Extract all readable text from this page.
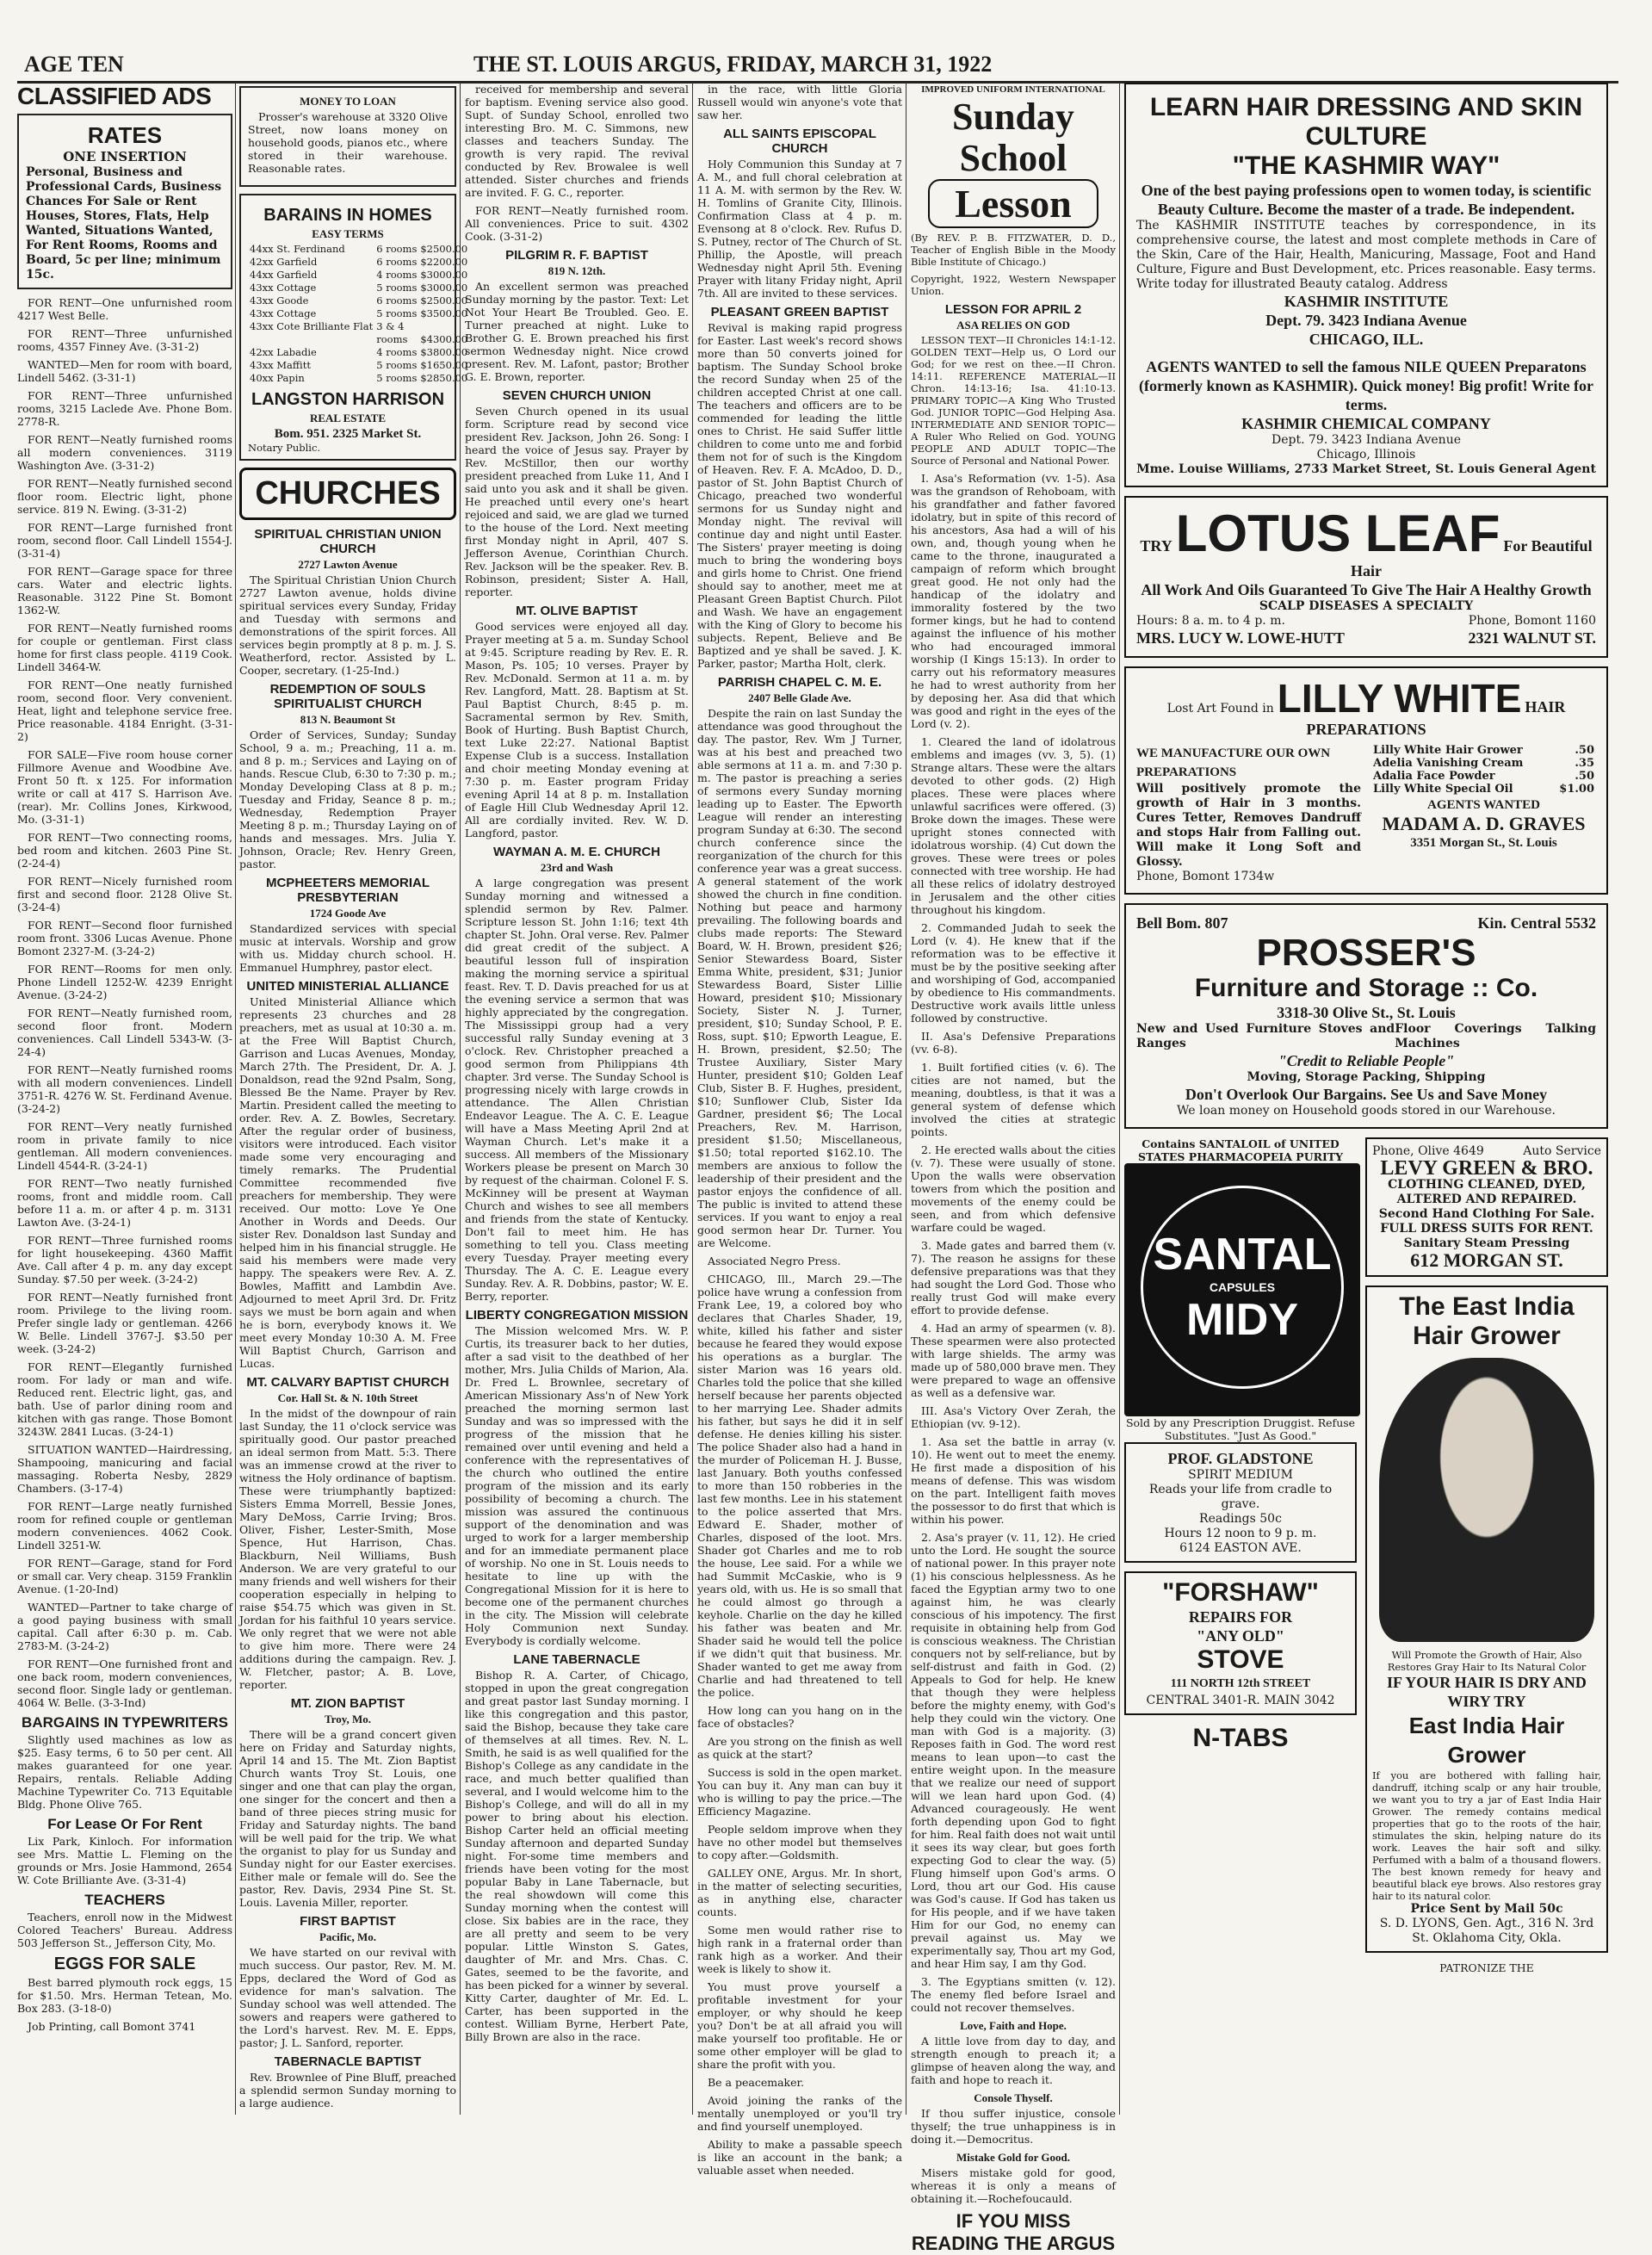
AGE TEN	THE ST. LOUIS ARGUS, FRIDAY, MARCH 31, 1922
CLASSIFIED ADS
RATES
ONE INSERTION
Personal, Business and Professional Cards, Business Chances For Sale or Rent Houses, Stores, Flats, Help Wanted, Situations Wanted, For Rent Rooms, Rooms and Board, 5c per line; minimum 15c.

FOR RENT—One unfurnished room 4217 West Belle.

FOR RENT—Three unfurnished rooms, 4357 Finney Ave. (3-31-2)

WANTED—Men for room with board, Lindell 5462. (3-31-1)

FOR RENT—Three unfurnished rooms, 3215 Laclede Ave. Phone Bom. 2778-R.

FOR RENT—Neatly furnished rooms all modern conveniences. 3119 Washington Ave. (3-31-2)

FOR RENT—Neatly furnished second floor room. Electric light, phone service. 819 N. Ewing. (3-31-2)

FOR RENT—Large furnished front room, second floor. Call Lindell 1554-J. (3-31-4)

FOR RENT—Garage space for three cars. Water and electric lights. Reasonable. 3122 Pine St. Bomont 1362-W.

FOR RENT—Neatly furnished rooms for couple or gentleman. First class home for first class people. 4119 Cook. Lindell 3464-W.

FOR RENT—One neatly furnished room, second floor. Very convenient. Heat, light and telephone service free. Price reasonable. 4184 Enright. (3-31-2)

FOR SALE—Five room house corner Fillmore Avenue and Woodbine Ave. Front 50 ft. x 125. For information write or call at 417 S. Harrison Ave. (rear). Mr. Collins Jones, Kirkwood, Mo. (3-31-1)

FOR RENT—Two connecting rooms, bed room and kitchen. 2603 Pine St. (2-24-4)

FOR RENT—Nicely furnished room first and second floor. 2128 Olive St. (3-24-4)

FOR RENT—Second floor furnished room front. 3306 Lucas Avenue. Phone Bomont 2327-M. (3-24-2)

FOR RENT—Rooms for men only. Phone Lindell 1252-W. 4239 Enright Avenue. (3-24-2)

FOR RENT—Neatly furnished room, second floor front. Modern conveniences. Call Lindell 5343-W. (3-24-4)

FOR RENT—Neatly furnished rooms with all modern conveniences. Lindell 3751-R. 4276 W. St. Ferdinand Avenue. (3-24-2)

FOR RENT—Very neatly furnished room in private family to nice gentleman. All modern conveniences. Lindell 4544-R. (3-24-1)

FOR RENT—Two neatly furnished rooms, front and middle room. Call before 11 a. m. or after 4 p. m. 3131 Lawton Ave. (3-24-1)

FOR RENT—Three furnished rooms for light housekeeping. 4360 Maffit Ave. Call after 4 p. m. any day except Sunday. $7.50 per week. (3-24-2)

FOR RENT—Neatly furnished front room. Privilege to the living room. Prefer single lady or gentleman. 4266 W. Belle. Lindell 3767-J. $3.50 per week. (3-24-2)

FOR RENT—Elegantly furnished room. For lady or man and wife. Reduced rent. Electric light, gas, and bath. Use of parlor dining room and kitchen with gas range. Those Bomont 3243W. 2841 Lucas. (3-24-1)

SITUATION WANTED—Hairdressing, Shampooing, manicuring and facial massaging. Roberta Nesby, 2829 Chambers. (3-17-4)

FOR RENT—Large neatly furnished room for refined couple or gentleman modern conveniences. 4062 Cook. Lindell 3251-W.

FOR RENT—Garage, stand for Ford or small car. Very cheap. 3159 Franklin Avenue. (1-20-Ind)

WANTED—Partner to take charge of a good paying business with small capital. Call after 6:30 p. m. Cab. 2783-M. (3-24-2)

FOR RENT—One furnished front and one back room, modern conveniences, second floor. Single lady or gentleman. 4064 W. Belle. (3-3-Ind)

BARGAINS IN TYPEWRITERS

Slightly used machines as low as $25. Easy terms, 6 to 50 per cent. All makes guaranteed for one year. Repairs, rentals. Reliable Adding Machine Typewriter Co. 713 Equitable Bldg. Phone Olive 765.

For Lease Or For Rent

Lix Park, Kinloch. For information see Mrs. Mattie L. Fleming on the grounds or Mrs. Josie Hammond, 2654 W. Cote Brilliante Ave. (3-31-4)

TEACHERS

Teachers, enroll now in the Midwest Colored Teachers' Bureau. Address 503 Jefferson St., Jefferson City, Mo.

EGGS FOR SALE

Best barred plymouth rock eggs, 15 for $1.50. Mrs. Herman Tetean, Mo. Box 283. (3-18-0)

Job Printing, call Bomont 3741

MONEY TO LOAN

Prosser's warehouse at 3320 Olive Street, now loans money on household goods, pianos etc., where stored in their warehouse. Reasonable rates.

BARAINS IN HOMES
EASY TERMS
44xx St. Ferdinand	6 rooms	$2500.00
42xx Garfield	6 rooms	$2200.00
44xx Garfield	4 rooms	$3000.00
43xx Cottage	5 rooms	$3000.00
43xx Goode	6 rooms	$2500.00
43xx Cottage	5 rooms	$3500.00
43xx Cote Brilliante Flat	3 & 4	
	rooms	$4300.00
42xx Labadie	4 rooms	$3800.00
43xx Maffitt	5 rooms	$1650.00
40xx Papin	5 rooms	$2850.00
LANGSTON HARRISON
REAL ESTATE
Bom. 951. 2325 Market St.
Notary Public.
CHURCHES
SPIRITUAL CHRISTIAN UNION CHURCH
2727 Lawton Avenue

The Spiritual Christian Union Church 2727 Lawton avenue, holds divine spiritual services every Sunday, Friday and Tuesday with sermons and demonstrations of the spirit forces. All services begin promptly at 8 p. m. J. S. Weatherford, rector. Assisted by L. Cooper, secretary. (1-25-Ind.)

REDEMPTION OF SOULS SPIRITUALIST CHURCH
813 N. Beaumont St

Order of Services, Sunday; Sunday School, 9 a. m.; Preaching, 11 a. m. and 8 p. m.; Services and Laying on of hands. Rescue Club, 6:30 to 7:30 p. m.; Monday Developing Class at 8 p. m.; Tuesday and Friday, Seance 8 p. m.; Wednesday, Redemption Prayer Meeting 8 p. m.; Thursday Laying on of hands and messages. Mrs. Julia Y. Johnson, Oracle; Rev. Henry Green, pastor.

MCPHEETERS MEMORIAL PRESBYTERIAN
1724 Goode Ave

Standardized services with special music at intervals. Worship and grow with us. Midday church school. H. Emmanuel Humphrey, pastor elect.

UNITED MINISTERIAL ALLIANCE

United Ministerial Alliance which represents 23 churches and 28 preachers, met as usual at 10:30 a. m. at the Free Will Baptist Church, Garrison and Lucas Avenues, Monday, March 27th. The President, Dr. A. J. Donaldson, read the 92nd Psalm, Song, Blessed Be the Name. Prayer by Rev. Martin. President called the meeting to order. Rev. A. Z. Bowles, Secretary. After the regular order of business, visitors were introduced. Each visitor made some very encouraging and timely remarks. The Prudential Committee recommended five preachers for membership. They were received. Our motto: Love Ye One Another in Words and Deeds. Our sister Rev. Donaldson last Sunday and helped him in his financial struggle. He said his members were made very happy. The speakers were Rev. A. Z. Bowles, Maffitt and Lambdin Ave. Adjourned to meet April 3rd. Dr. Fritz says we must be born again and when he is born, everybody knows it. We meet every Monday 10:30 A. M. Free Will Baptist Church, Garrison and Lucas.

MT. CALVARY BAPTIST CHURCH
Cor. Hall St. & N. 10th Street

In the midst of the downpour of rain last Sunday, the 11 o'clock service was spiritually good. Our pastor preached an ideal sermon from Matt. 5:3. There was an immense crowd at the river to witness the Holy ordinance of baptism. These were triumphantly baptized: Sisters Emma Morrell, Bessie Jones, Mary DeMoss, Carrie Irving; Bros. Oliver, Fisher, Lester-Smith, Mose Spence, Hut Harrison, Chas. Blackburn, Neil Williams, Bush Anderson. We are very grateful to our many friends and well wishers for their cooperation especially in helping to raise $54.75 which was given in St. Jordan for his faithful 10 years service. We only regret that we were not able to give him more. There were 24 additions during the campaign. Rev. J. W. Fletcher, pastor; A. B. Love, reporter.

MT. ZION BAPTIST
Troy, Mo.

There will be a grand concert given here on Friday and Saturday nights, April 14 and 15. The Mt. Zion Baptist Church wants Troy St. Louis, one singer and one that can play the organ, one singer for the concert and then a band of three pieces string music for Friday and Saturday nights. The band will be well paid for the trip. We what the organist to play for us Sunday and Sunday night for our Easter exercises. Either male or female will do. See the pastor, Rev. Davis, 2934 Pine St. St. Louis. Lavenia Miller, reporter.

FIRST BAPTIST
Pacific, Mo.

We have started on our revival with much success. Our pastor, Rev. M. M. Epps, declared the Word of God as evidence for man's salvation. The Sunday school was well attended. The sowers and reapers were gathered to the Lord's harvest. Rev. M. E. Epps, pastor; J. L. Sanford, reporter.

TABERNACLE BAPTIST

Rev. Brownlee of Pine Bluff, preached a splendid sermon Sunday morning to a large audience.

received for membership and several for baptism. Evening service also good. Supt. of Sunday School, enrolled two interesting Bro. M. C. Simmons, new classes and teachers Sunday. The growth is very rapid. The revival conducted by Rev. Browalee is well attended. Sister churches and friends are invited. F. G. C., reporter.

FOR RENT—Neatly furnished room. All conveniences. Price to suit. 4302 Cook. (3-31-2)

PILGRIM R. F. BAPTIST
819 N. 12th.

An excellent sermon was preached Sunday morning by the pastor. Text: Let Not Your Heart Be Troubled. Geo. E. Turner preached at night. Luke to Brother G. E. Brown preached his first sermon Wednesday night. Nice crowd present. Rev. M. Lafont, pastor; Brother G. E. Brown, reporter.

SEVEN CHURCH UNION

Seven Church opened in its usual form. Scripture read by second vice president Rev. Jackson, John 26. Song: I heard the voice of Jesus say. Prayer by Rev. McStillor, then our worthy president preached from Luke 11, And I said unto you ask and it shall be given. He preached until every one's heart rejoiced and said, we are glad we turned to the house of the Lord. Next meeting first Monday night in April, 407 S. Jefferson Avenue, Corinthian Church. Rev. Jackson will be the speaker. Rev. B. Robinson, president; Sister A. Hall, reporter.

MT. OLIVE BAPTIST

Good services were enjoyed all day. Prayer meeting at 5 a. m. Sunday School at 9:45. Scripture reading by Rev. E. R. Mason, Ps. 105; 10 verses. Prayer by Rev. McDonald. Sermon at 11 a. m. by Rev. Langford, Matt. 28. Baptism at St. Paul Baptist Church, 8:45 p. m. Sacramental sermon by Rev. Smith, Book of Hurting. Bush Baptist Church, text Luke 22:27. National Baptist Expense Club is a success. Installation and choir meeting Monday evening at 7:30 p. m. Easter program Friday evening April 14 at 8 p. m. Installation of Eagle Hill Club Wednesday April 12. All are cordially invited. Rev. W. D. Langford, pastor.

WAYMAN A. M. E. CHURCH
23rd and Wash

A large congregation was present Sunday morning and witnessed a splendid sermon by Rev. Palmer. Scripture lesson St. John 1:16; text 4th chapter St. John. Oral verse. Rev. Palmer did great credit of the subject. A beautiful lesson full of inspiration making the morning service a spiritual feast. Rev. T. D. Davis preached for us at the evening service a sermon that was highly appreciated by the congregation. The Mississippi group had a very successful rally Sunday evening at 3 o'clock. Rev. Christopher preached a good sermon from Philippians 4th chapter. 3rd verse. The Sunday School is progressing nicely with large crowds in attendance. The Allen Christian Endeavor League. The A. C. E. League will have a Mass Meeting April 2nd at Wayman Church. Let's make it a success. All members of the Missionary Workers please be present on March 30 by request of the chairman. Colonel F. S. McKinney will be present at Wayman Church and wishes to see all members and friends from the state of Kentucky. Don't fail to meet him. He has something to tell you. Class meeting every Tuesday. Prayer meeting every Thursday. The A. C. E. League every Sunday. Rev. A. R. Dobbins, pastor; W. E. Berry, reporter.

LIBERTY CONGREGATION MISSION

The Mission welcomed Mrs. W. P. Curtis, its treasurer back to her duties, after a sad visit to the deathbed of her mother, Mrs. Julia Childs of Marion, Ala. Dr. Fred L. Brownlee, secretary of American Missionary Ass'n of New York preached the morning sermon last Sunday and was so impressed with the progress of the mission that he remained over until evening and held a conference with the representatives of the church who outlined the entire program of the mission and its early possibility of becoming a church. The mission was assured the continuous support of the denomination and was urged to work for a larger membership and for an immediate permanent place of worship. No one in St. Louis needs to hesitate to line up with the Congregational Mission for it is here to become one of the permanent churches in the city. The Mission will celebrate Holy Communion next Sunday. Everybody is cordially welcome.

LANE TABERNACLE

Bishop R. A. Carter, of Chicago, stopped in upon the great congregation and great pastor last Sunday morning. I like this congregation and this pastor, said the Bishop, because they take care of themselves at all times. Rev. N. L. Smith, he said is as well qualified for the Bishop's College as any candidate in the race, and much better qualified than several, and I would welcome him to the Bishop's College, and will do all in my power to bring about his election. Bishop Carter held an official meeting Sunday afternoon and departed Sunday night. For-some time members and friends have been voting for the most popular Baby in Lane Tabernacle, but the real showdown will come this Sunday morning when the contest will close. Six babies are in the race, they are all pretty and seem to be very popular. Little Winston S. Gates, daughter of Mr. and Mrs. Chas. C. Gates, seemed to be the favorite, and has been picked for a winner by several. Kitty Carter, daughter of Mr. Ed. L. Carter, has been supported in the contest. William Byrne, Herbert Pate, Billy Brown are also in the race.

in the race, with little Gloria Russell would win anyone's vote that saw her.

ALL SAINTS EPISCOPAL CHURCH

Holy Communion this Sunday at 7 A. M., and full choral celebration at 11 A. M. with sermon by the Rev. W. H. Tomlins of Granite City, Illinois. Confirmation Class at 4 p. m. Evensong at 8 o'clock. Rev. Rufus D. S. Putney, rector of The Church of St. Phillip, the Apostle, will preach Wednesday night April 5th. Evening Prayer with litany Friday night, April 7th. All are invited to these services.

PLEASANT GREEN BAPTIST

Revival is making rapid progress for Easter. Last week's record shows more than 50 converts joined for baptism. The Sunday School broke the record Sunday when 25 of the children accepted Christ at one call. The teachers and officers are to be commended for leading the little ones to Christ. He said Suffer little children to come unto me and forbid them not for of such is the Kingdom of Heaven. Rev. F. A. McAdoo, D. D., pastor of St. John Baptist Church of Chicago, preached two wonderful sermons for us Sunday night and Monday night. The revival will continue day and night until Easter. The Sisters' prayer meeting is doing much to bring the wondering boys and girls home to Christ. One friend should say to another, meet me at Pleasant Green Baptist Church. Pilot and Wash. We have an engagement with the King of Glory to become his subjects. Repent, Believe and Be Baptized and ye shall be saved. J. K. Parker, pastor; Martha Holt, clerk.

PARRISH CHAPEL C. M. E.
2407 Belle Glade Ave.

Despite the rain on last Sunday the attendance was good throughout the day. The pastor, Rev. Wm J Turner, was at his best and preached two able sermons at 11 a. m. and 7:30 p. m. The pastor is preaching a series of sermons every Sunday morning leading up to Easter. The Epworth League will render an interesting program Sunday at 6:30. The second church conference since the reorganization of the church for this conference year was a great success. A general statement of the work showed the church in fine condition. Nothing but peace and harmony prevailing. The following boards and clubs made reports: The Steward Board, W. H. Brown, president $26; Senior Stewardess Board, Sister Emma White, president, $31; Junior Stewardess Board, Sister Lillie Howard, president $10; Missionary Society, Sister N. J. Turner, president, $10; Sunday School, P. E. Ross, supt. $10; Epworth League, E. H. Brown, president, $2.50; The Trustee Auxiliary, Sister Mary Hunter, president $10; Golden Leaf Club, Sister B. F. Hughes, president, $10; Sunflower Club, Sister Ida Gardner, president $6; The Local Preachers, Rev. M. Harrison, president $1.50; Miscellaneous, $1.50; total reported $162.10. The members are anxious to follow the leadership of their president and the pastor enjoys the confidence of all. The public is invited to attend these services. If you want to enjoy a real good sermon hear Dr. Turner. You are Welcome.

Associated Negro Press.

CHICAGO, Ill., March 29.—The police have wrung a confession from Frank Lee, 19, a colored boy who declares that Charles Shader, 19, white, killed his father and sister because he feared they would expose his operations as a burglar. The sister Marion was 16 years old. Charles told the police that she killed herself because her parents objected to her marrying Lee. Shader admits his father, but says he did it in self defense. He denies killing his sister. The police Shader also had a hand in the murder of Policeman H. J. Busse, last January. Both youths confessed to more than 150 robberies in the last few months. Lee in his statement to the police asserted that Mrs. Edward E. Shader, mother of Charles, disposed of the loot. Mrs. Shader got Charles and me to rob the house, Lee said. For a while we had Summit McCaskie, who is 9 years old, with us. He is so small that he could almost go through a keyhole. Charlie on the day he killed his father was beaten and Mr. Shader said he would tell the police if we didn't quit that business. Mr. Shader wanted to get me away from Charlie and had threatened to tell the police.

How long can you hang on in the face of obstacles?

Are you strong on the finish as well as quick at the start?

Success is sold in the open market. You can buy it. Any man can buy it who is willing to pay the price.—The Efficiency Magazine.

People seldom improve when they have no other model but themselves to copy after.—Goldsmith.

GALLEY ONE, Argus. Mr. In short, in the matter of selecting securities, as in anything else, character counts.

Some men would rather rise to high rank in a fraternal order than rank high as a worker. And their week is likely to show it.

You must prove yourself a profitable investment for your employer, or why should he keep you? Don't be at all afraid you will make yourself too profitable. He or some other employer will be glad to share the profit with you.

Be a peacemaker.

Avoid joining the ranks of the mentally unemployed or you'll try and find yourself unemployed.

Ability to make a passable speech is like an account in the bank; a valuable asset when needed.

IMPROVED UNIFORM INTERNATIONAL
Sunday School
Lesson

(By REV. P. B. FITZWATER, D. D., Teacher of English Bible in the Moody Bible Institute of Chicago.)

Copyright, 1922, Western Newspaper Union.

LESSON FOR APRIL 2
ASA RELIES ON GOD

LESSON TEXT—II Chronicles 14:1-12. GOLDEN TEXT—Help us, O Lord our God; for we rest on thee.—II Chron. 14:11. REFERENCE MATERIAL—II Chron. 14:13-16; Isa. 41:10-13. PRIMARY TOPIC—A King Who Trusted God. JUNIOR TOPIC—God Helping Asa. INTERMEDIATE AND SENIOR TOPIC—A Ruler Who Relied on God. YOUNG PEOPLE AND ADULT TOPIC—The Source of Personal and National Power.

I. Asa's Reformation (vv. 1-5). Asa was the grandson of Rehoboam, with his grandfather and father favored idolatry, but in spite of this record of his ancestors, Asa had a will of his own, and, though young when he came to the throne, inaugurated a campaign of reform which brought great good. He not only had the handicap of the idolatry and immorality fostered by the two former kings, but he had to contend against the influence of his mother who had encouraged immoral worship (I Kings 15:13). In order to carry out his reformatory measures he had to wrest authority from her by deposing her. Asa did that which was good and right in the eyes of the Lord (v. 2).

1. Cleared the land of idolatrous emblems and images (vv. 3, 5). (1) Strange altars. These were the altars devoted to other gods. (2) High places. These were places where unlawful sacrifices were offered. (3) Broke down the images. These were upright stones connected with idolatrous worship. (4) Cut down the groves. These were trees or poles connected with tree worship. He had all these relics of idolatry destroyed in Jerusalem and the other cities throughout his kingdom.

2. Commanded Judah to seek the Lord (v. 4). He knew that if the reformation was to be effective it must be by the positive seeking after and worshiping of God, accompanied by obedience to His commandments. Destructive work avails little unless followed by constructive.

II. Asa's Defensive Preparations (vv. 6-8).

1. Built fortified cities (v. 6). The cities are not named, but the meaning, doubtless, is that it was a general system of defense which involved the cities at strategic points.

2. He erected walls about the cities (v. 7). These were usually of stone. Upon the walls were observation towers from which the position and movements of the enemy could be seen, and from which defensive warfare could be waged.

3. Made gates and barred them (v. 7). The reason he assigns for these defensive preparations was that they had sought the Lord God. Those who really trust God will make every effort to provide defense.

4. Had an army of spearmen (v. 8). These spearmen were also protected with large shields. The army was made up of 580,000 brave men. They were prepared to wage an offensive as well as a defensive war.

III. Asa's Victory Over Zerah, the Ethiopian (vv. 9-12).

1. Asa set the battle in array (v. 10). He went out to meet the enemy. He first made a disposition of his means of defense. This was wisdom on the part. Intelligent faith moves the possessor to do first that which is within his power.

2. Asa's prayer (v. 11, 12). He cried unto the Lord. He sought the source of national power. In this prayer note (1) his conscious helplessness. As he faced the Egyptian army two to one against him, he was clearly conscious of his impotency. The first requisite in obtaining help from God is conscious weakness. The Christian conquers not by self-reliance, but by self-distrust and faith in God. (2) Appeals to God for help. He knew that though they were helpless before the mighty enemy, with God's help they could win the victory. One man with God is a majority. (3) Reposes faith in God. The word rest means to lean upon—to cast the entire weight upon. In the measure that we realize our need of support will we lean hard upon God. (4) Advanced courageously. He went forth depending upon God to fight for him. Real faith does not wait until it sees its way clear, but goes forth expecting God to clear the way. (5) Flung himself upon God's arms. O Lord, thou art our God. His cause was God's cause. If God has taken us for His people, and if we have taken Him for our God, no enemy can prevail against us. May we experimentally say, Thou art my God, and hear Him say, I am thy God.

3. The Egyptians smitten (v. 12). The enemy fled before Israel and could not recover themselves.

Love, Faith and Hope.

A little love from day to day, and strength enough to preach it; a glimpse of heaven along the way, and faith and hope to reach it.

Console Thyself.

If thou suffer injustice, console thyself; the true unhappiness is in doing it.—Democritus.

Mistake Gold for Good.

Misers mistake gold for good, whereas it is only a means of obtaining it.—Rochefoucauld.

IF YOU MISS READING THE ARGUS
LEARN HAIR DRESSING AND SKIN CULTURE
"THE KASHMIR WAY"
One of the best paying professions open to women today, is scientific Beauty Culture. Become the master of a trade. Be independent.
The KASHMIR INSTITUTE teaches by correspondence, in its comprehensive course, the latest and most complete methods in Care of the Skin, Care of the Hair, Health, Manicuring, Massage, Foot and Hand Culture, Figure and Bust Development, etc. Prices reasonable. Easy terms. Write today for illustrated Beauty catalog. Address
KASHMIR INSTITUTE
Dept. 79. 3423 Indiana Avenue
CHICAGO, ILL.
AGENTS WANTED to sell the famous NILE QUEEN Preparatons (formerly known as KASHMIR). Quick money! Big profit! Write for terms.
KASHMIR CHEMICAL COMPANY
Dept. 79. 3423 Indiana Avenue
Chicago, Illinois
Mme. Louise Williams, 2733 Market Street, St. Louis General Agent
TRY LOTUS LEAF For Beautiful Hair
All Work And Oils Guaranteed To Give The Hair A Healthy Growth
SCALP DISEASES A SPECIALTY
Hours: 8 a. m. to 4 p. m.	Phone, Bomont 1160
MRS. LUCY W. LOWE-HUTT	2321 WALNUT ST.
Lost Art Found in LILLY WHITE HAIR PREPARATIONS
WE MANUFACTURE OUR OWN PREPARATIONS
Will positively promote the growth of Hair in 3 months. Cures Tetter, Removes Dandruff and stops Hair from Falling out. Will make it Long Soft and Glossy.
Phone, Bomont 1734w
Lilly White Hair Grower	.50
Adelia Vanishing Cream	.35
Adalia Face Powder	.50
Lilly White Special Oil	$1.00
AGENTS WANTED
MADAM A. D. GRAVES
3351 Morgan St., St. Louis
Bell Bom. 807	Kin. Central 5532
PROSSER'S
Furniture and Storage :: Co.
3318-30 Olive St., St. Louis
New and Used Furniture Stoves and Ranges
Floor Coverings Talking Machines
"Credit to Reliable People"
Moving, Storage Packing, Shipping
Don't Overlook Our Bargains. See Us and Save Money
We loan money on Household goods stored in our Warehouse.
Contains SANTALOIL of UNITED STATES PHARMACOPEIA PURITY
SANTAL
CAPSULES
MIDY
Sold by any Prescription Druggist. Refuse Substitutes. "Just As Good."
PROF. GLADSTONE
SPIRIT MEDIUM
Reads your life from cradle to grave.
Readings 50c
Hours 12 noon to 9 p. m.
6124 EASTON AVE.
"FORSHAW"
REPAIRS FOR
"ANY OLD"
STOVE
111 NORTH 12th STREET
CENTRAL 3401-R. MAIN 3042
N-TABS
Phone, Olive 4649	Auto Service
LEVY GREEN & BRO.
CLOTHING CLEANED, DYED, ALTERED AND REPAIRED. Second Hand Clothing For Sale. FULL DRESS SUITS FOR RENT. Sanitary Steam Pressing
612 MORGAN ST.
The East India Hair Grower
Will Promote the Growth of Hair, Also Restores Gray Hair to Its Natural Color
IF YOUR HAIR IS DRY AND WIRY TRY
East India Hair Grower
If you are bothered with falling hair, dandruff, itching scalp or any hair trouble, we want you to try a jar of East India Hair Grower. The remedy contains medical properties that go to the roots of the hair, stimulates the skin, helping nature do its work. Leaves the hair soft and silky. Perfumed with a balm of a thousand flowers. The best known remedy for heavy and beautiful black eye brows. Also restores gray hair to its natural color.
Price Sent by Mail 50c
S. D. LYONS, Gen. Agt., 316 N. 3rd St. Oklahoma City, Okla.
PATRONIZE THE
